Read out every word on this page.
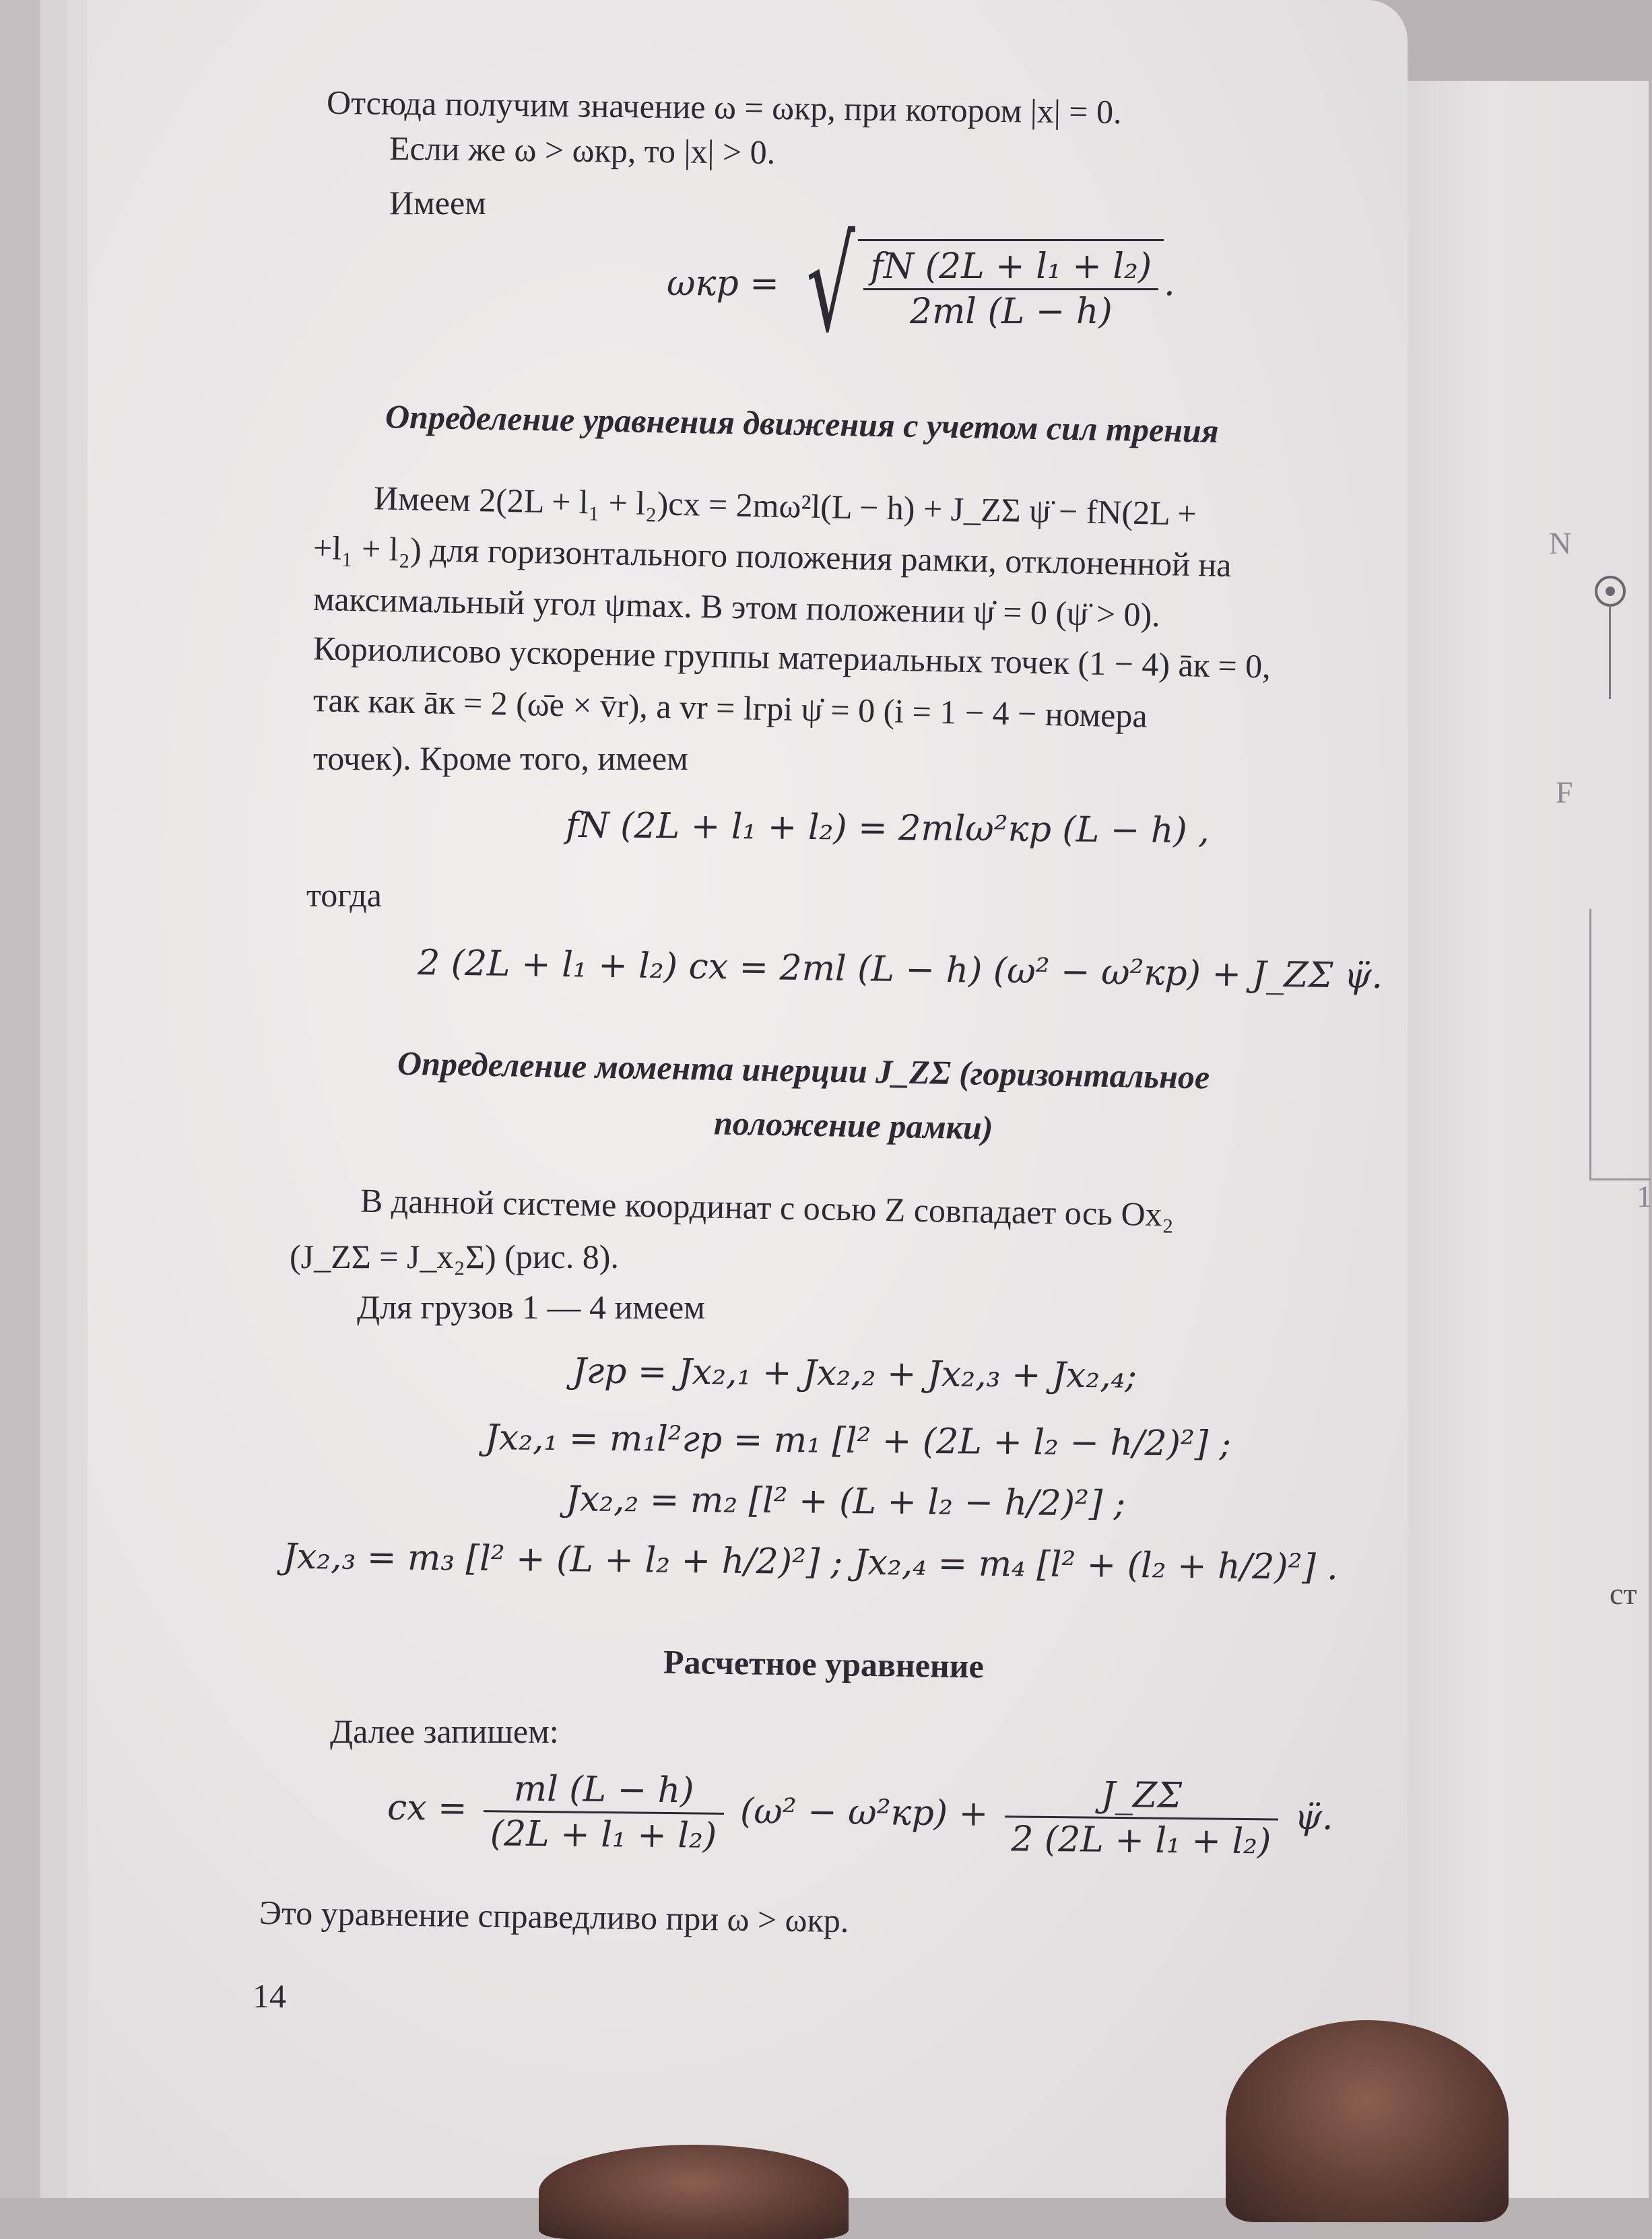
N
F
1
ст
Отсюда получим значение ω = ωкр, при котором |x| = 0.
Если же ω > ωкр, то |x| > 0.
Имеем
ωкр = √ $\frac{\text{fN (2L + l₁ + l₂)}}{2ml (L - h)}$ .
Определение уравнения движения с учетом сил трения
Имеем 2(2L + l₁ + l₂)cx = 2mω²l(L − h) + J_ZΣ ψ̈ − fN(2L +
+l₁ + l₂) для горизонтального положения рамки, отклоненной на
максимальный угол ψmax. В этом положении ψ̇ = 0 (ψ̈ > 0).
Кориолисово ускорение группы материальных точек (1 − 4) āк = 0,
так как āк = 2 (ω̄e × v̄r), а vr = lгрi ψ̇ = 0 (i = 1 − 4 − номера
точек). Кроме того, имеем
fN (2L + l₁ + l₂) = 2mlω²кр (L − h) ,
тогда
2 (2L + l₁ + l₂) cx = 2ml (L − h) (ω² − ω²кр) + J_ZΣ ψ̈.
Определение момента инерции J_ZΣ (горизонтальное
положение рамки)
В данной системе координат с осью Z совпадает ось Ox₂
(J_ZΣ = J_x₂Σ) (рис. 8).
Для грузов 1 — 4 имеем
Jгр = Jx₂,₁ + Jx₂,₂ + Jx₂,₃ + Jx₂,₄;
Jx₂,₁ = m₁l²гр = m₁ [l² + (2L + l₂ − h/2)²] ;
Jx₂,₂ = m₂ [l² + (L + l₂ − h/2)²] ;
Jx₂,₃ = m₃ [l² + (L + l₂ + h/2)²] ; Jx₂,₄ = m₄ [l² + (l₂ + h/2)²] .
Расчетное уравнение
Далее запишем:
cx = $\frac{ml (L - h)}{\text{(2L + l₁ + l₂)}} (\omega^2 - \omega^2кр) + \frac{J\_Z\Sigma}{\text{2 (2L + l₁ + l₂)}}$ ψ̈.
Это уравнение справедливо при ω > ωкр.
14
